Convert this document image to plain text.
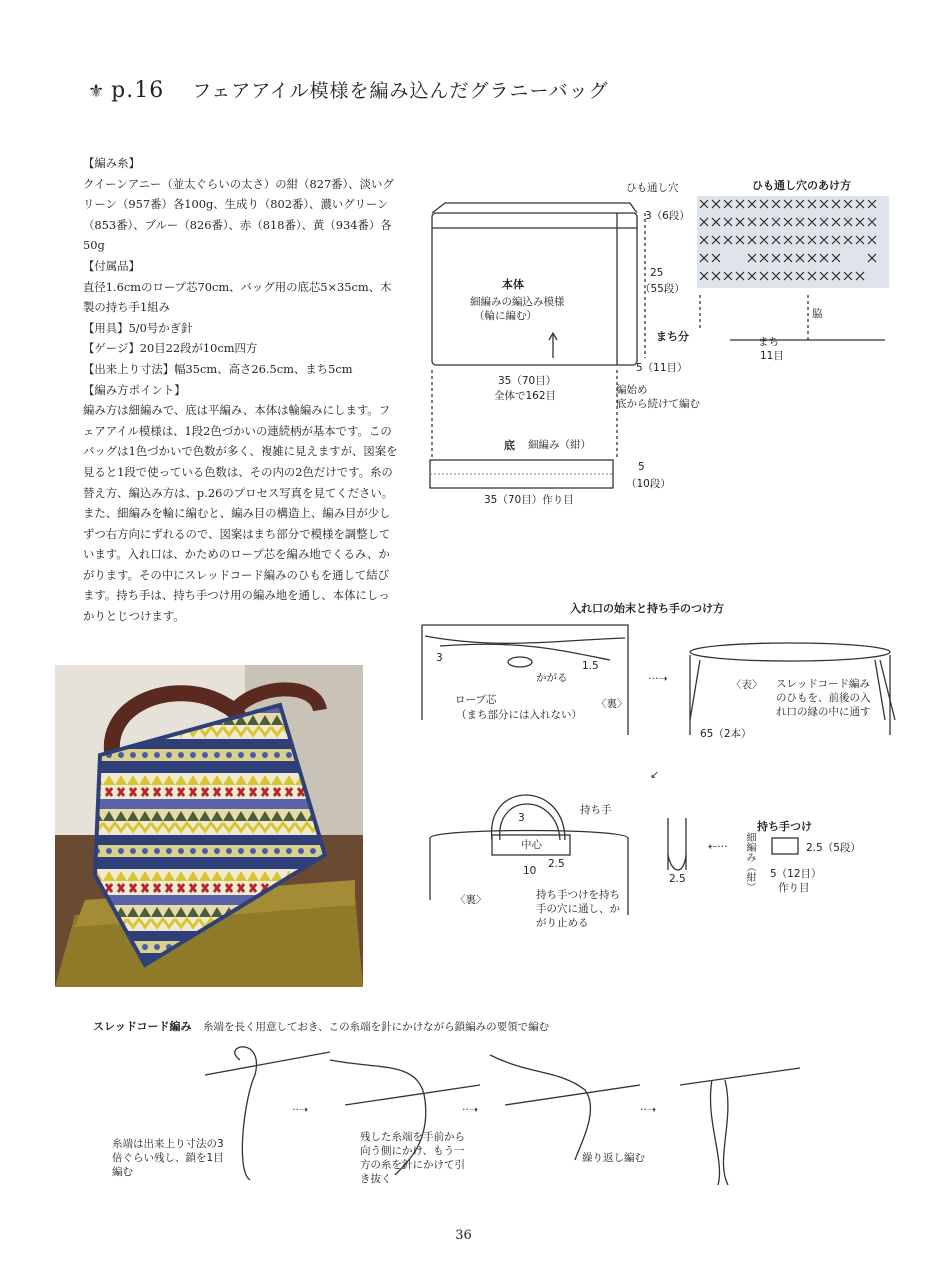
⚜ p.16 フェアアイル模様を編み込んだグラニーバッグ

【編み糸】

クイーンアニー（並太ぐらいの太さ）の紺（827番）、淡いグリーン（957番）各100g、生成り（802番）、濃いグリーン（853番）、ブルー（826番）、赤（818番）、黄（934番）各50g

【付属品】

直径1.6cmのロープ芯70cm、バッグ用の底芯5×35cm、木製の持ち手1組み

【用具】5/0号かぎ針

【ゲージ】20目22段が10cm四方

【出来上り寸法】幅35cm、高さ26.5cm、まち5cm

【編み方ポイント】

編み方は細編みで、底は平編み、本体は輪編みにします。フェアアイル模様は、1段2色づかいの連続柄が基本です。このバッグは1色づかいで色数が多く、複雑に見えますが、図案を見ると1段で使っている色数は、その内の2色だけです。糸の替え方、編込み方は、p.26のプロセス写真を見てください。また、細編みを輪に編むと、編み目の構造上、編み目が少しずつ右方向にずれるので、図案はまち部分で模様を調整しています。入れ口は、かためのロープ芯を編み地でくるみ、かがります。その中にスレッドコード編みのひもを通して結びます。持ち手は、持ち手つけ用の編み地を通し、本体にしっかりとじつけます。

···➝
↙
⇠···
··➝	··➝	··➝
ひも通し穴
3（6段）
本体
細編みの編込み模様
（輪に編む）
25
（55段）
まち分
5（11目）
35（70目）
全体で162目	編始め
底から続けて編む
底 細編み（紺）
5
（10段）
35（70目）作り目
ひも通し穴のあけ方
脇
まち
11目
入れ口の始末と持ち手のつけ方
3
1.5
かがる
ロープ芯
（まち部分には入れない）
〈裏〉
〈表〉 スレッドコード編みのひもを、前後の入れ口の縁の中に通す
65（2本）
持ち手
3
中心
2.5
10
持ち手つけを持ち手の穴に通し、かがり止める
〈裏〉
2.5
持ち手つけ
細編み（紺）	2.5（5段）
5（12目）
作り目
スレッドコード編み 糸端を長く用意しておき、この糸端を針にかけながら鎖編みの要領で編む
糸端は出来上り寸法の3倍ぐらい残し、鎖を1目編む
残した糸端を手前から向う側にかけ、もう一方の糸を針にかけて引き抜く
繰り返し編む
36
